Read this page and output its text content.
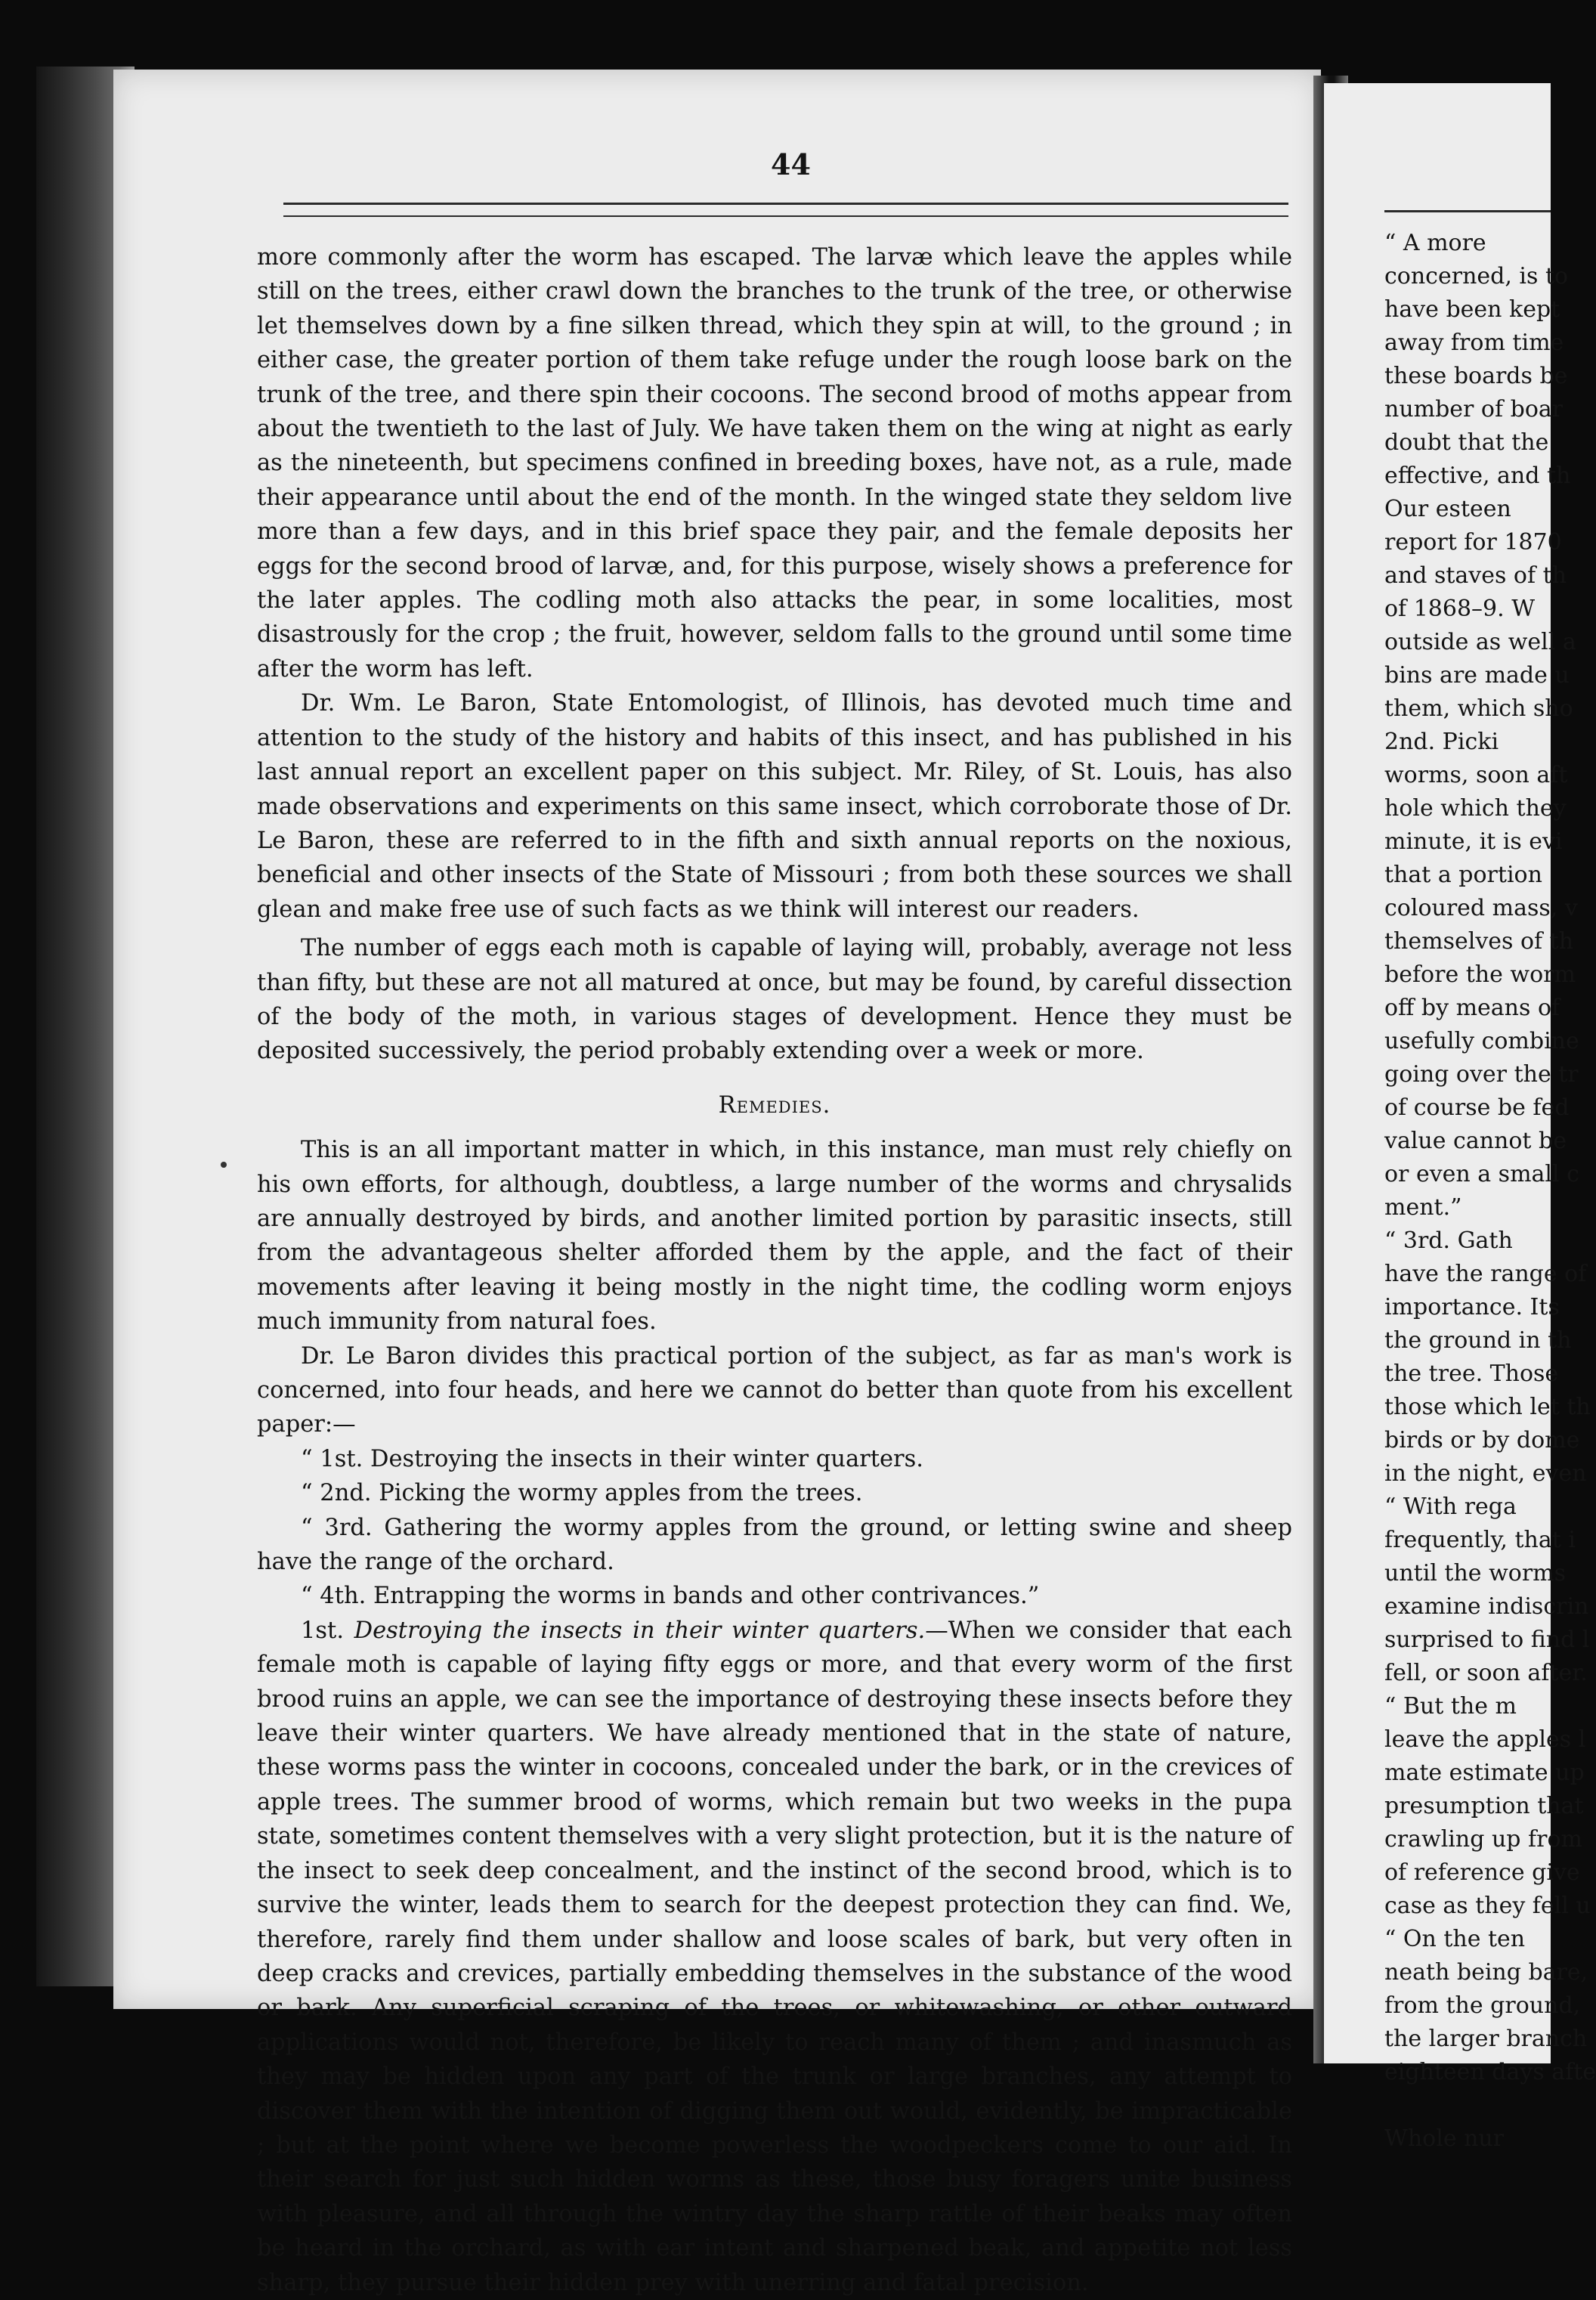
44

more commonly after the worm has escaped. The larvæ which leave the apples while still on the trees, either crawl down the branches to the trunk of the tree, or otherwise let themselves down by a fine silken thread, which they spin at will, to the ground ; in either case, the greater portion of them take refuge under the rough loose bark on the trunk of the tree, and there spin their cocoons. The second brood of moths appear from about the twentieth to the last of July. We have taken them on the wing at night as early as the nineteenth, but specimens confined in breeding boxes, have not, as a rule, made their appearance until about the end of the month. In the winged state they seldom live more than a few days, and in this brief space they pair, and the female deposits her eggs for the second brood of larvæ, and, for this purpose, wisely shows a preference for the later apples. The codling moth also attacks the pear, in some localities, most disastrously for the crop ; the fruit, however, seldom falls to the ground until some time after the worm has left.

Dr. Wm. Le Baron, State Entomologist, of Illinois, has devoted much time and attention to the study of the history and habits of this insect, and has published in his last annual report an excellent paper on this subject. Mr. Riley, of St. Louis, has also made observations and experiments on this same insect, which corroborate those of Dr. Le Baron, these are referred to in the fifth and sixth annual reports on the noxious, beneficial and other insects of the State of Missouri ; from both these sources we shall glean and make free use of such facts as we think will interest our readers.

The number of eggs each moth is capable of laying will, probably, average not less than fifty, but these are not all matured at once, but may be found, by careful dissection of the body of the moth, in various stages of development. Hence they must be deposited successively, the period probably extending over a week or more.

Remedies.

This is an all important matter in which, in this instance, man must rely chiefly on his own efforts, for although, doubtless, a large number of the worms and chrysalids are annually destroyed by birds, and another limited portion by parasitic insects, still from the advantageous shelter afforded them by the apple, and the fact of their movements after leaving it being mostly in the night time, the codling worm enjoys much immunity from natural foes.

Dr. Le Baron divides this practical portion of the subject, as far as man's work is concerned, into four heads, and here we cannot do better than quote from his excellent paper:—

“ 1st. Destroying the insects in their winter quarters.

“ 2nd. Picking the wormy apples from the trees.

“ 3rd. Gathering the wormy apples from the ground, or letting swine and sheep have the range of the orchard.

“ 4th. Entrapping the worms in bands and other contrivances.”

1st. Destroying the insects in their winter quarters.—When we consider that each female moth is capable of laying fifty eggs or more, and that every worm of the first brood ruins an apple, we can see the importance of destroying these insects before they leave their winter quarters. We have already mentioned that in the state of nature, these worms pass the winter in cocoons, concealed under the bark, or in the crevices of apple trees. The summer brood of worms, which remain but two weeks in the pupa state, sometimes content themselves with a very slight protection, but it is the nature of the insect to seek deep concealment, and the instinct of the second brood, which is to survive the winter, leads them to search for the deepest protection they can find. We, therefore, rarely find them under shallow and loose scales of bark, but very often in deep cracks and crevices, partially embedding themselves in the substance of the wood or bark. Any superficial scraping of the trees, or whitewashing, or other outward applications would not, therefore, be likely to reach many of them ; and inasmuch as they may be hidden upon any part of the trunk or large branches, any attempt to discover them with the intention of digging them out would, evidently, be impracticable ; but at the point where we become powerless the woodpeckers come to our aid. In their search for just such hidden worms as these, those busy foragers unite business with pleasure, and all through the wintry day the sharp rattle of their beaks may often be heard in the orchard, as with ear intent and sharpened beak, and appetite not less sharp, they pursue their hidden prey with unerring and fatal precision.

“ A more
concerned, is to
have been kept
away from time
these boards be
number of boar
doubt that the
effective, and th
Our esteen
report for 1870
and staves of th
of 1868–9. W
outside as well a
bins are made u
them, which sho
2nd. Picki
worms, soon aft
hole which they
minute, it is evi
that a portion
coloured mass, v
themselves of th
before the worm
off by means of
usefully combine
going over the tr
of course be fed
value cannot be
or even a small c
ment.”
“ 3rd. Gath
have the range of
importance. Its
the ground in th
the tree. Those
those which let th
birds or by dome
in the night, even
“ With rega
frequently, that i
until the worms
examine indiscrin
surprised to find l
fell, or soon after.
“ But the m
leave the apples l
mate estimate up
presumption that
crawling up from
of reference give
case as they fell u
“ On the ten
neath being bare,
from the ground,
the larger branch
eighteen days afte
Whole nur
